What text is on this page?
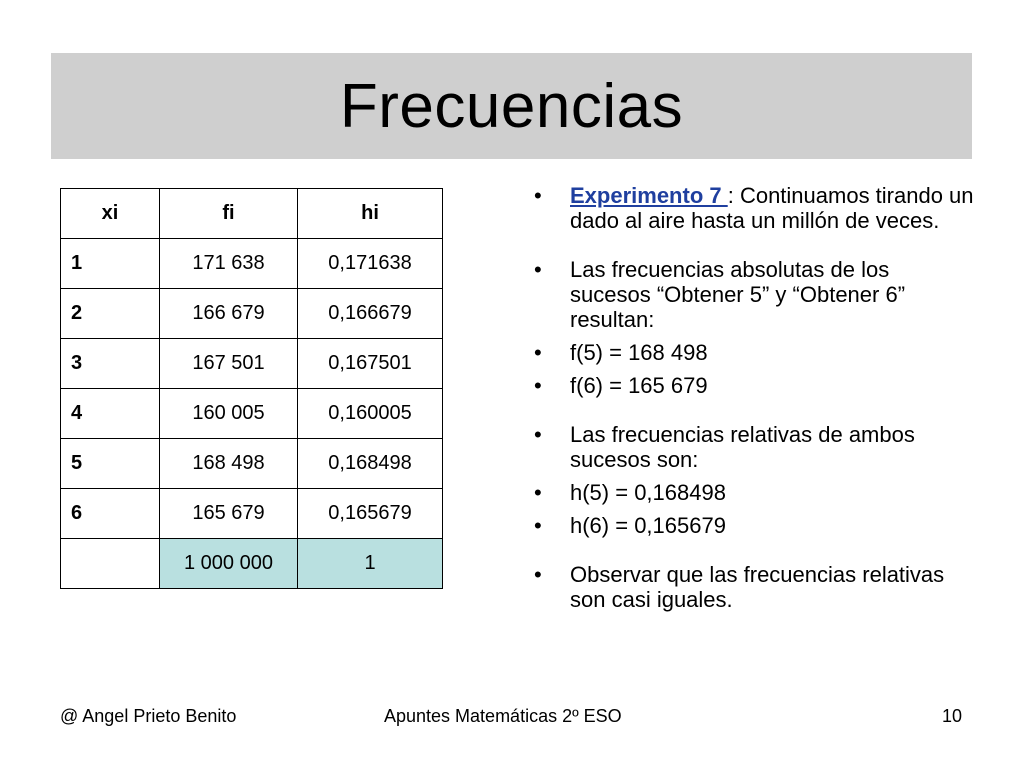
Frecuencias
xi	fi	hi
1	171 638	0,171638
2	166 679	0,166679
3	167 501	0,167501
4	160 005	0,160005
5	168 498	0,168498
6	165 679	0,165679
	1 000 000	1
•	Experimento 7 : Continuamos tirando un dado al aire hasta un millón de veces.
•	Las frecuencias absolutas de los sucesos “Obtener 5” y “Obtener 6” resultan:
•	f(5) = 168 498
•	f(6) = 165 679
•	Las frecuencias relativas de ambos sucesos son:
•	h(5) = 0,168498
•	h(6) = 0,165679
•	Observar que las frecuencias relativas son casi iguales.
@ Angel Prieto Benito	Apuntes Matemáticas 2º ESO	10
